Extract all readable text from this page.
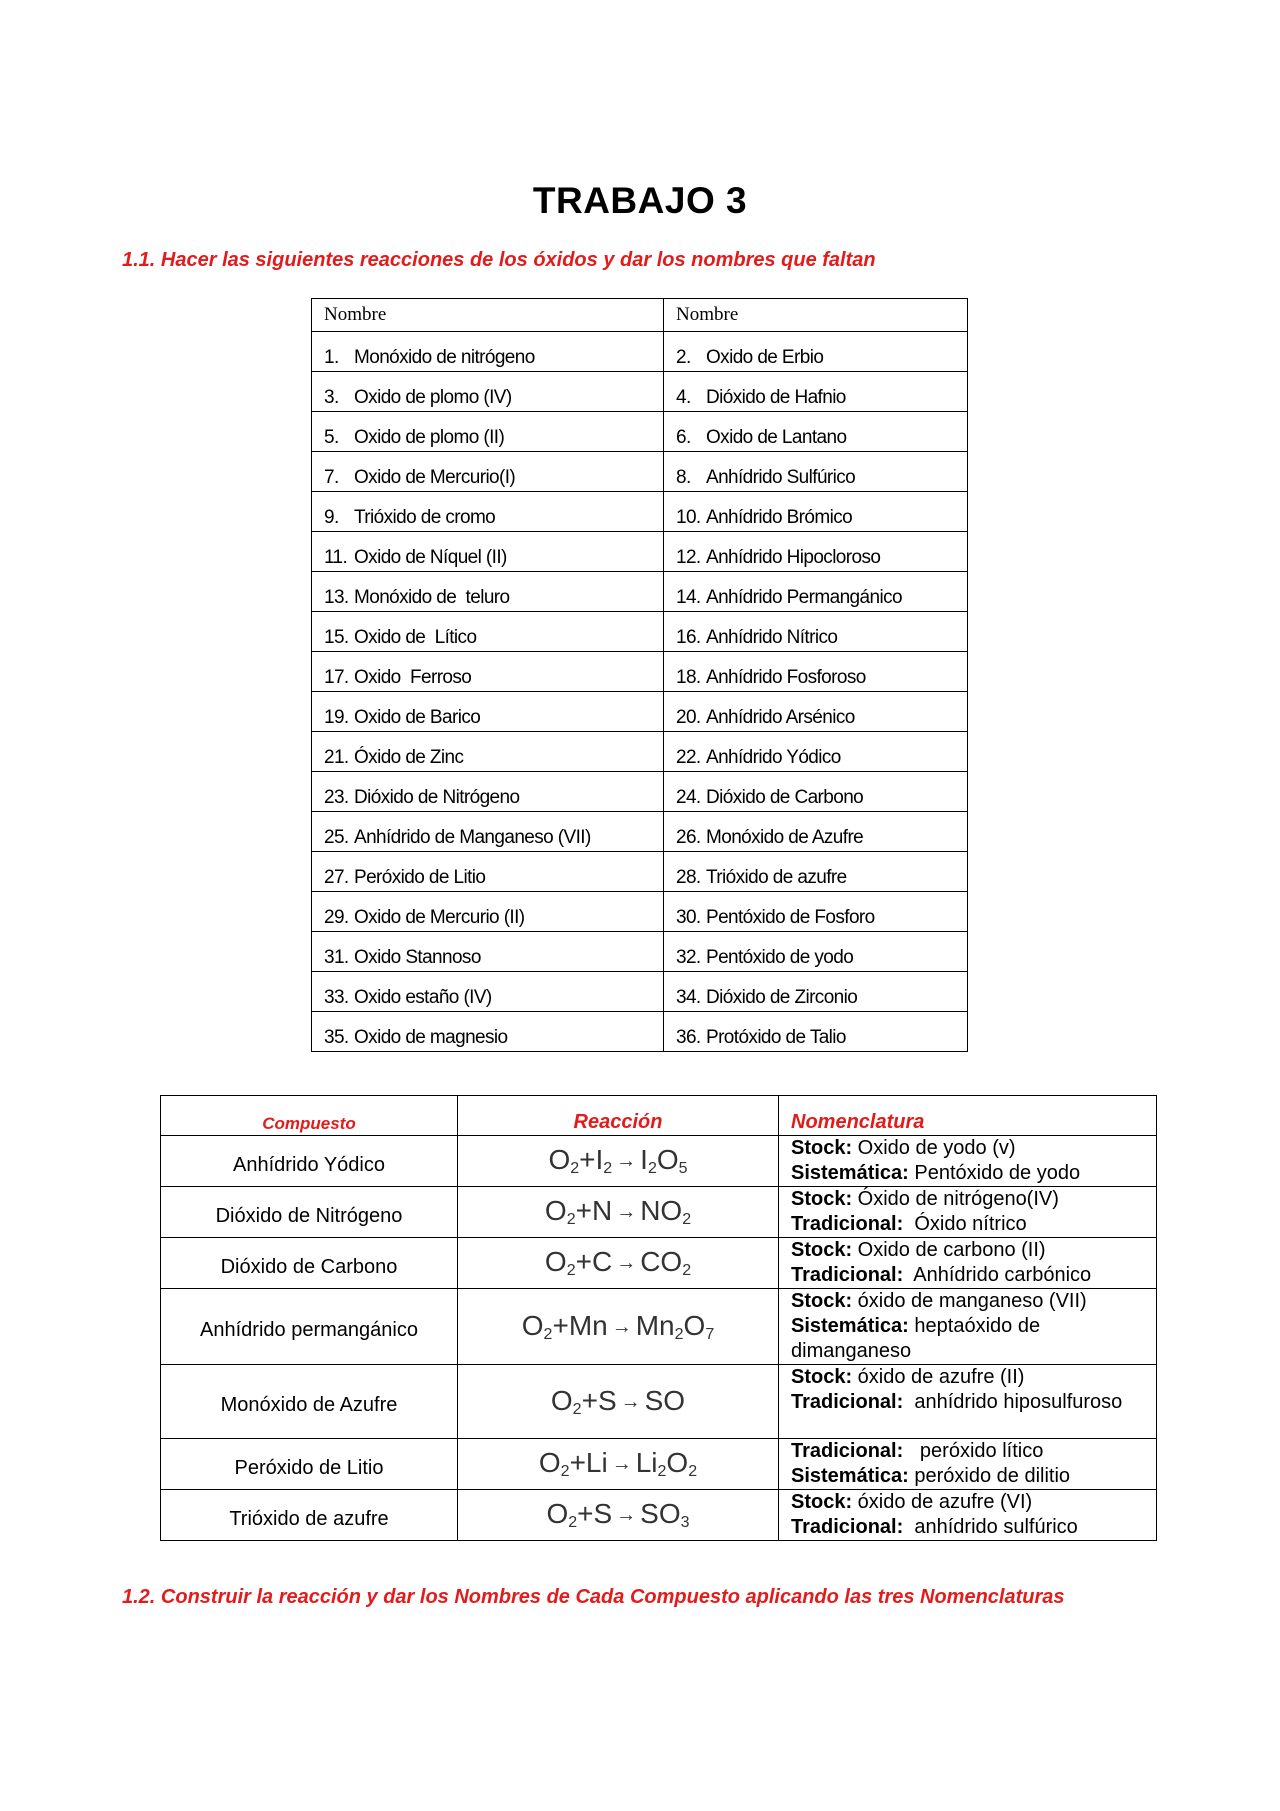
TRABAJO 3
1.1. Hacer las siguientes reacciones de los óxidos y dar los nombres que faltan
Nombre	Nombre
1. Monóxido de nitrógeno	2. Oxido de Erbio
3. Oxido de plomo (IV)	4. Dióxido de Hafnio
5. Oxido de plomo (II)	6. Oxido de Lantano
7. Oxido de Mercurio(I)	8. Anhídrido Sulfúrico
9. Trióxido de cromo	10. Anhídrido Brómico
11. Oxido de Níquel (II)	12. Anhídrido Hipocloroso
13. Monóxido de  teluro	14. Anhídrido Permangánico
15. Oxido de  Lítico	16. Anhídrido Nítrico
17. Oxido  Ferroso	18. Anhídrido Fosforoso
19. Oxido de Barico	20. Anhídrido Arsénico
21. Óxido de Zinc	22. Anhídrido Yódico
23. Dióxido de Nitrógeno	24. Dióxido de Carbono
25. Anhídrido de Manganeso (VII)	26. Monóxido de Azufre
27. Peróxido de Litio	28. Trióxido de azufre
29. Oxido de Mercurio (II)	30. Pentóxido de Fosforo
31. Oxido Stannoso	32. Pentóxido de yodo
33. Oxido estaño (IV)	34. Dióxido de Zirconio
35. Oxido de magnesio	36. Protóxido de Talio
Compuesto	Reacción	Nomenclatura
Anhídrido Yódico	$O_2+I_2 \to I_2O_5$	Stock: Oxido de yodo (v)
Sistemática: Pentóxido de yodo

Dióxido de Nitrógeno	$O_2+N \to NO_2$	Stock: Óxido de nitrógeno(IV)
Tradicional:  Óxido nítrico

Dióxido de Carbono	$O_2+C \to CO_2$	Stock: Oxido de carbono (II)
Tradicional:  Anhídrido carbónico

Anhídrido permangánico	$O_2+Mn \to Mn_2O_7$	Stock: óxido de manganeso (VII)
Sistemática: heptaóxido de dimanganeso

Monóxido de Azufre	$O_2+S$ → SO	Stock: óxido de azufre (II)
Tradicional:  anhídrido hiposulfuroso

Peróxido de Litio	$O_2+Li \to Li_2O_2$	Tradicional:   peróxido lítico
Sistemática: peróxido de dilitio

Trióxido de azufre	$O_2+S \to SO_3$	Stock: óxido de azufre (VI)
Tradicional:  anhídrido sulfúrico
1.2. Construir la reacción y dar los Nombres de Cada Compuesto aplicando las tres Nomenclaturas
